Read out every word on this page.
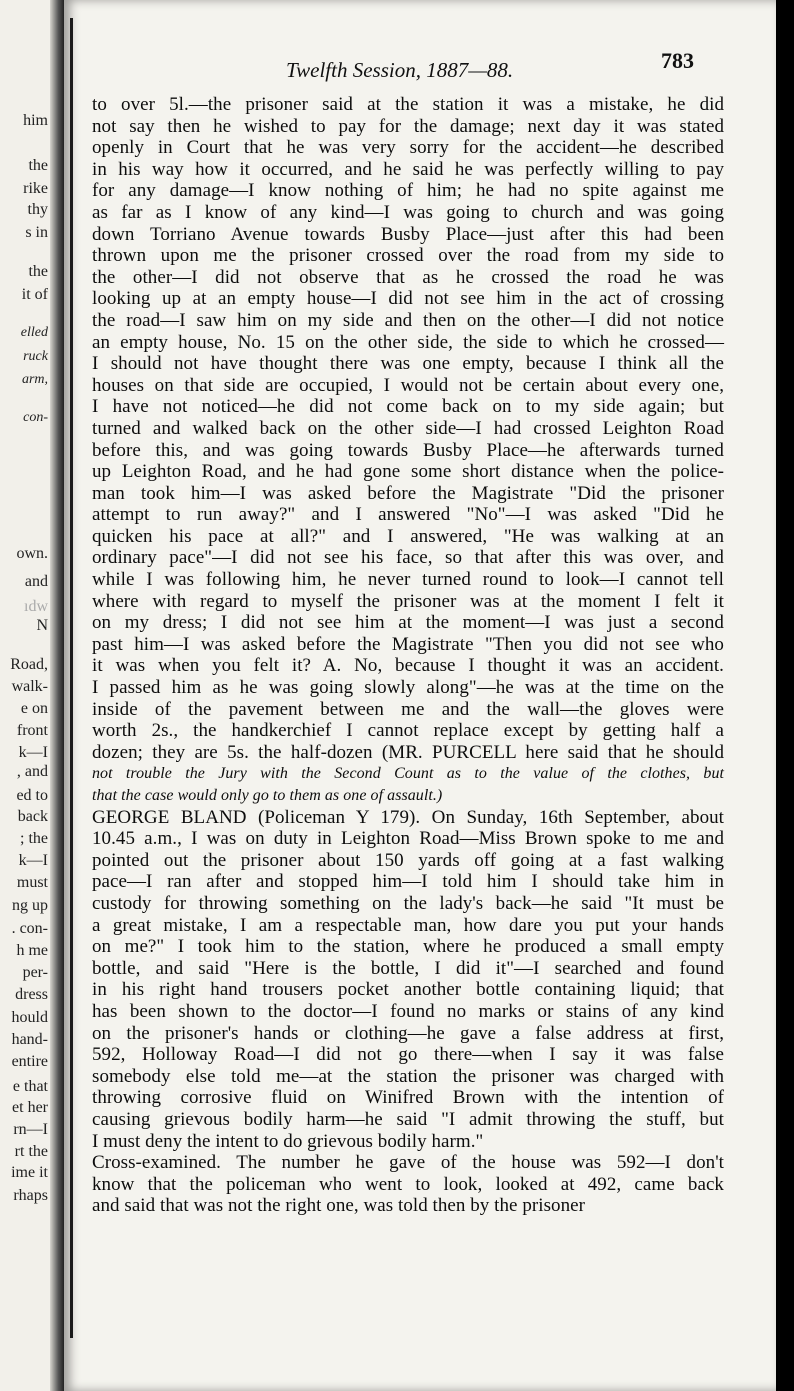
him
the
rike
thy
s in
the
it of
elled
ruck
arm,
con-
own.
and
ıdw
N
Road,
walk-
e on
front
k—I
, and
ed to
back
; the
k—I
must
ng up
. con-
h me
per-
dress
hould
hand-
entire
e that
et her
rn—I
rt the
ime it
rhaps
Twelfth Session, 1887—88.	783
to over 5l.—the prisoner said at the station it was a mistake, he did
not say then he wished to pay for the damage; next day it was stated
openly in Court that he was very sorry for the accident—he described
in his way how it occurred, and he said he was perfectly willing to pay
for any damage—I know nothing of him; he had no spite against me
as far as I know of any kind—I was going to church and was going
down Torriano Avenue towards Busby Place—just after this had been
thrown upon me the prisoner crossed over the road from my side to
the other—I did not observe that as he crossed the road he was
looking up at an empty house—I did not see him in the act of crossing
the road—I saw him on my side and then on the other—I did not notice
an empty house, No. 15 on the other side, the side to which he crossed—
I should not have thought there was one empty, because I think all the
houses on that side are occupied, I would not be certain about every one,
I have not noticed—he did not come back on to my side again; but
turned and walked back on the other side—I had crossed Leighton Road
before this, and was going towards Busby Place—he afterwards turned
up Leighton Road, and he had gone some short distance when the police-
man took him—I was asked before the Magistrate "Did the prisoner
attempt to run away?" and I answered "No"—I was asked "Did he
quicken his pace at all?" and I answered, "He was walking at an
ordinary pace"—I did not see his face, so that after this was over, and
while I was following him, he never turned round to look—I cannot tell
where with regard to myself the prisoner was at the moment I felt it
on my dress; I did not see him at the moment—I was just a second
past him—I was asked before the Magistrate "Then you did not see who
it was when you felt it? A. No, because I thought it was an accident.
I passed him as he was going slowly along"—he was at the time on the
inside of the pavement between me and the wall—the gloves were
worth 2s., the handkerchief I cannot replace except by getting half a
dozen; they are 5s. the half-dozen (MR. PURCELL here said that he should
not trouble the Jury with the Second Count as to the value of the clothes, but
that the case would only go to them as one of assault.)
GEORGE BLAND (Policeman Y 179). On Sunday, 16th September, about
10.45 a.m., I was on duty in Leighton Road—Miss Brown spoke to me and
pointed out the prisoner about 150 yards off going at a fast walking
pace—I ran after and stopped him—I told him I should take him in
custody for throwing something on the lady's back—he said "It must be
a great mistake, I am a respectable man, how dare you put your hands
on me?" I took him to the station, where he produced a small empty
bottle, and said "Here is the bottle, I did it"—I searched and found
in his right hand trousers pocket another bottle containing liquid; that
has been shown to the doctor—I found no marks or stains of any kind
on the prisoner's hands or clothing—he gave a false address at first,
592, Holloway Road—I did not go there—when I say it was false
somebody else told me—at the station the prisoner was charged with
throwing corrosive fluid on Winifred Brown with the intention of
causing grievous bodily harm—he said "I admit throwing the stuff, but
I must deny the intent to do grievous bodily harm."
Cross-examined. The number he gave of the house was 592—I don't
know that the policeman who went to look, looked at 492, came back
and said that was not the right one, was told then by the prisoner
